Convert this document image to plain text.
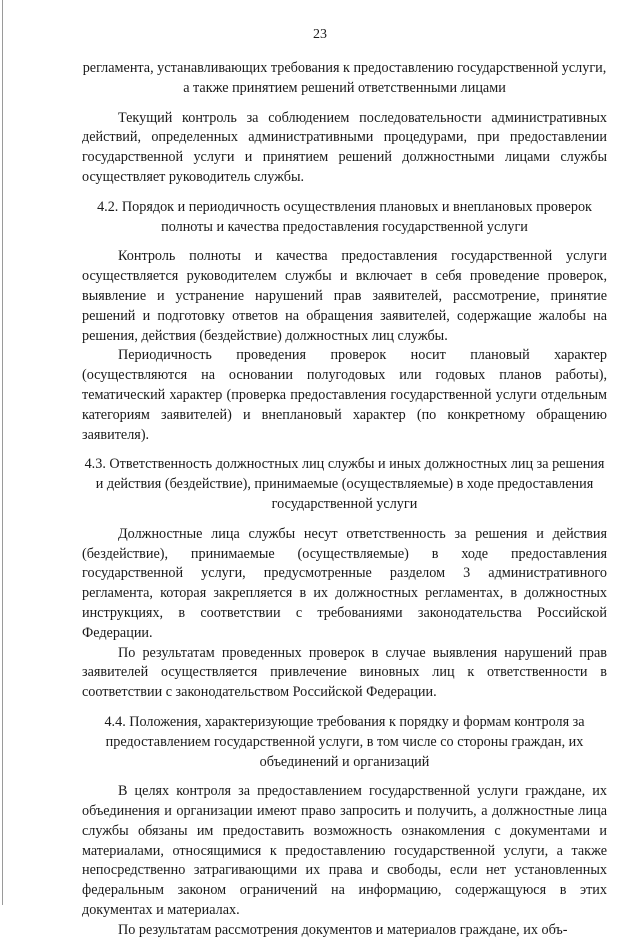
23

регламента, устанавливающих требования к предоставлению государственной услуги, а также принятием решений ответственными лицами

Текущий контроль за соблюдением последовательности административных действий, определенных административными процедурами, при предоставлении государственной услуги и принятием решений должностными лицами службы осуществляет руководитель службы.

4.2. Порядок и периодичность осуществления плановых и внеплановых проверок полноты и качества предоставления государственной услуги

Контроль полноты и качества предоставления государственной услуги осуществляется руководителем службы и включает в себя проведение проверок, выявление и устранение нарушений прав заявителей, рассмотрение, принятие решений и подготовку ответов на обращения заявителей, содержащие жалобы на решения, действия (бездействие) должностных лиц службы.

Периодичность проведения проверок носит плановый характер (осуществляются на основании полугодовых или годовых планов работы), тематический характер (проверка предоставления государственной услуги отдельным категориям заявителей) и внеплановый характер (по конкретному обращению заявителя).

4.3. Ответственность должностных лиц службы и иных должностных лиц за решения и действия (бездействие), принимаемые (осуществляемые) в ходе предоставления государственной услуги

Должностные лица службы несут ответственность за решения и действия (бездействие), принимаемые (осуществляемые) в ходе предоставления государственной услуги, предусмотренные разделом 3 административного регламента, которая закрепляется в их должностных регламентах, в должностных инструкциях, в соответствии с требованиями законодательства Российской Федерации.

По результатам проведенных проверок в случае выявления нарушений прав заявителей осуществляется привлечение виновных лиц к ответственности в соответствии с законодательством Российской Федерации.

4.4. Положения, характеризующие требования к порядку и формам контроля за предоставлением государственной услуги, в том числе со стороны граждан, их объединений и организаций

В целях контроля за предоставлением государственной услуги граждане, их объединения и организации имеют право запросить и получить, а должностные лица службы обязаны им предоставить возможность ознакомления с документами и материалами, относящимися к предоставлению государственной услуги, а также непосредственно затрагивающими их права и свободы, если нет установленных федеральным законом ограничений на информацию, содержащуюся в этих документах и материалах.

По результатам рассмотрения документов и материалов граждане, их объ-
